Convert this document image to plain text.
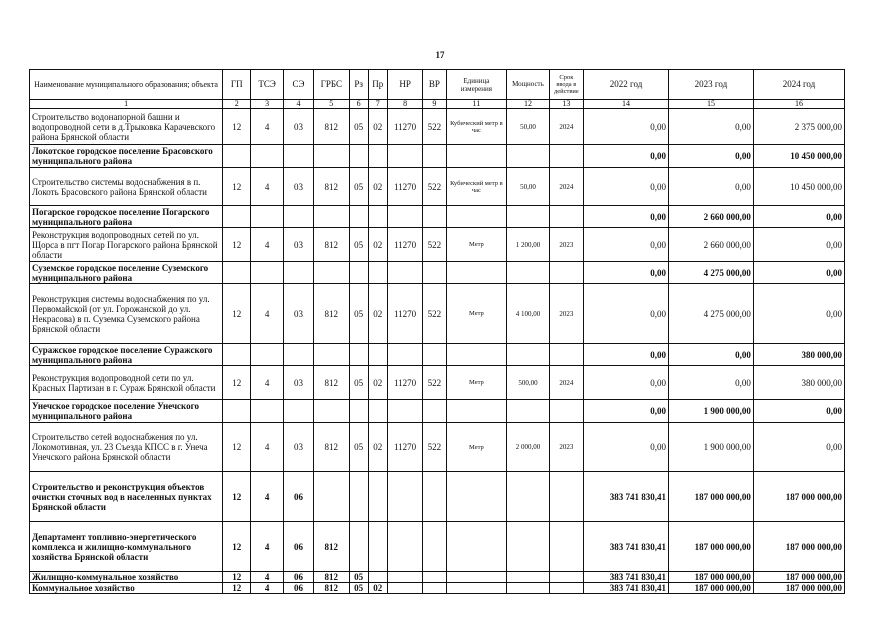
17
Наименование муниципального образования; объекта	ГП	ТСЭ	СЭ	ГРБС	Рз	Пр	НР	ВР	Единица измерения	Мощность	Срок ввода в действие	2022 год	2023 год	2024 год
1	2	3	4	5	6	7	8	9	11	12	13	14	15	16
Строительство водонапорной башни и водопроводной сети в д.Трыковка Карачевского района Брянской области	12	4	03	812	05	02	11270	522	Кубический метр в час	50,00	2024	0,00	0,00	2 375 000,00
Локотское городское поселение Брасовского муниципального района												0,00	0,00	10 450 000,00
Строительство системы водоснабжения в п. Локоть Брасовского района Брянской области	12	4	03	812	05	02	11270	522	Кубический метр в час	50,00	2024	0,00	0,00	10 450 000,00
Погарское городское поселение Погарского муниципального района												0,00	2 660 000,00	0,00
Реконструкция водопроводных сетей по ул. Щорса в пгт Погар Погарского района Брянской области	12	4	03	812	05	02	11270	522	Метр	1 200,00	2023	0,00	2 660 000,00	0,00
Суземское городское поселение Суземского муниципального района												0,00	4 275 000,00	0,00
Реконструкция системы водоснабжения по ул. Первомайской (от ул. Горожанской до ул. Некрасова) в п. Суземка Суземского района Брянской области	12	4	03	812	05	02	11270	522	Метр	4 100,00	2023	0,00	4 275 000,00	0,00
Суражское городское поселение Суражского муниципального района												0,00	0,00	380 000,00
Реконструкция водопроводной сети по ул. Красных Партизан в г. Сураж Брянской области	12	4	03	812	05	02	11270	522	Метр	500,00	2024	0,00	0,00	380 000,00
Унечское городское поселение Унечского муниципального района												0,00	1 900 000,00	0,00
Строительство сетей водоснабжения по ул. Локомотивная, ул. 23 Съезда КПСС в г. Унеча Унечского района Брянской области	12	4	03	812	05	02	11270	522	Метр	2 000,00	2023	0,00	1 900 000,00	0,00
Строительство и реконструкция объектов очистки сточных вод в населенных пунктах Брянской области	12	4	06									383 741 830,41	187 000 000,00	187 000 000,00
Департамент топливно-энергетического комплекса и жилищно-коммунального хозяйства Брянской области	12	4	06	812								383 741 830,41	187 000 000,00	187 000 000,00
Жилищно-коммунальное хозяйство	12	4	06	812	05							383 741 830,41	187 000 000,00	187 000 000,00
Коммунальное хозяйство	12	4	06	812	05	02						383 741 830,41	187 000 000,00	187 000 000,00
